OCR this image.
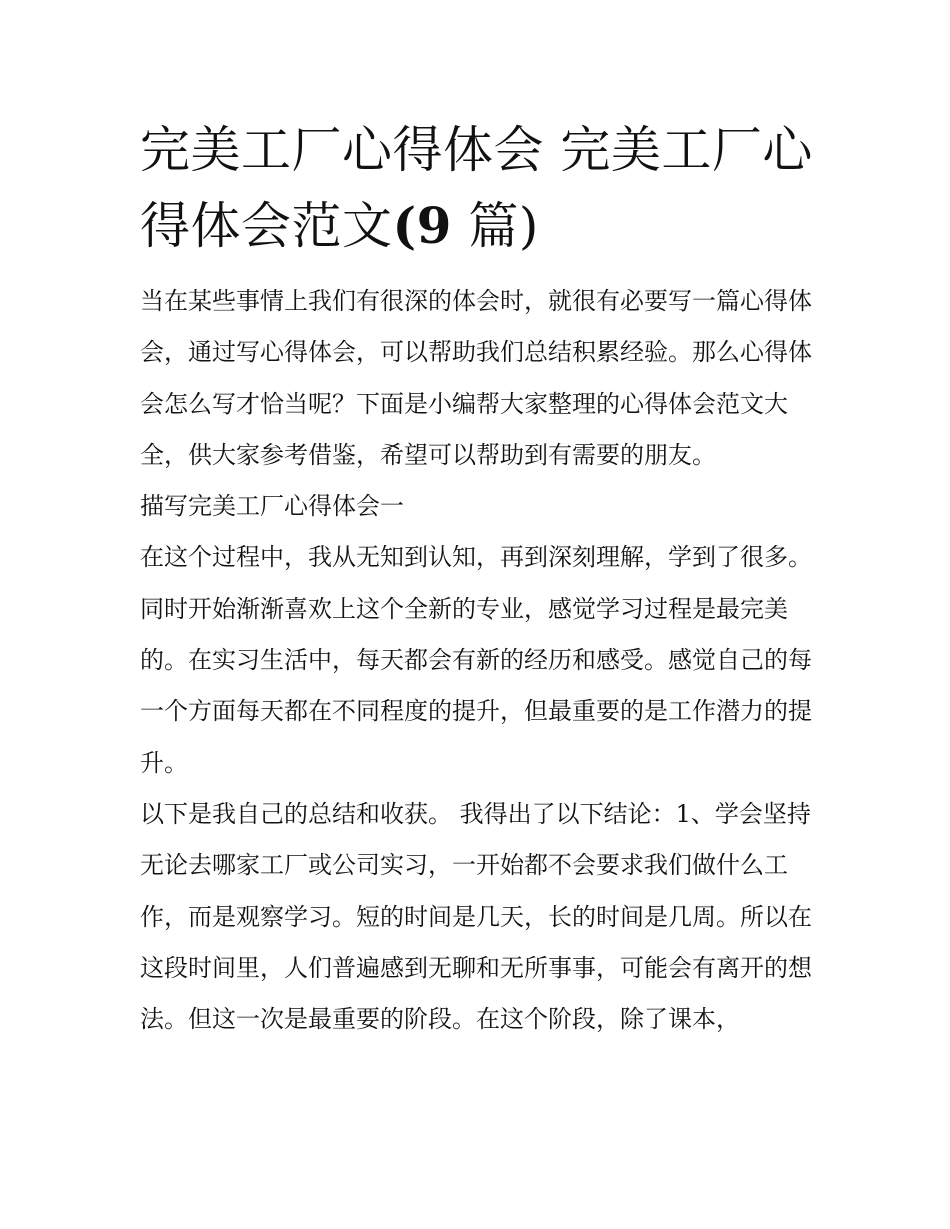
完美工厂心得体会 完美工厂心得体会范文(9 篇)

当在某些事情上我们有很深的体会时，就很有必要写一篇心得体会，通过写心得体会，可以帮助我们总结积累经验。那么心得体会怎么写才恰当呢？下面是小编帮大家整理的心得体会范文大全，供大家参考借鉴，希望可以帮助到有需要的朋友。

描写完美工厂心得体会一

在这个过程中，我从无知到认知，再到深刻理解，学到了很多。同时开始渐渐喜欢上这个全新的专业，感觉学习过程是最完美的。在实习生活中，每天都会有新的经历和感受。感觉自己的每一个方面每天都在不同程度的提升，但最重要的是工作潜力的提升。

以下是我自己的总结和收获。 我得出了以下结论：1、学会坚持

无论去哪家工厂或公司实习，一开始都不会要求我们做什么工作，而是观察学习。短的时间是几天，长的时间是几周。所以在这段时间里，人们普遍感到无聊和无所事事，可能会有离开的想法。但这一次是最重要的阶段。在这个阶段，除了课本，
